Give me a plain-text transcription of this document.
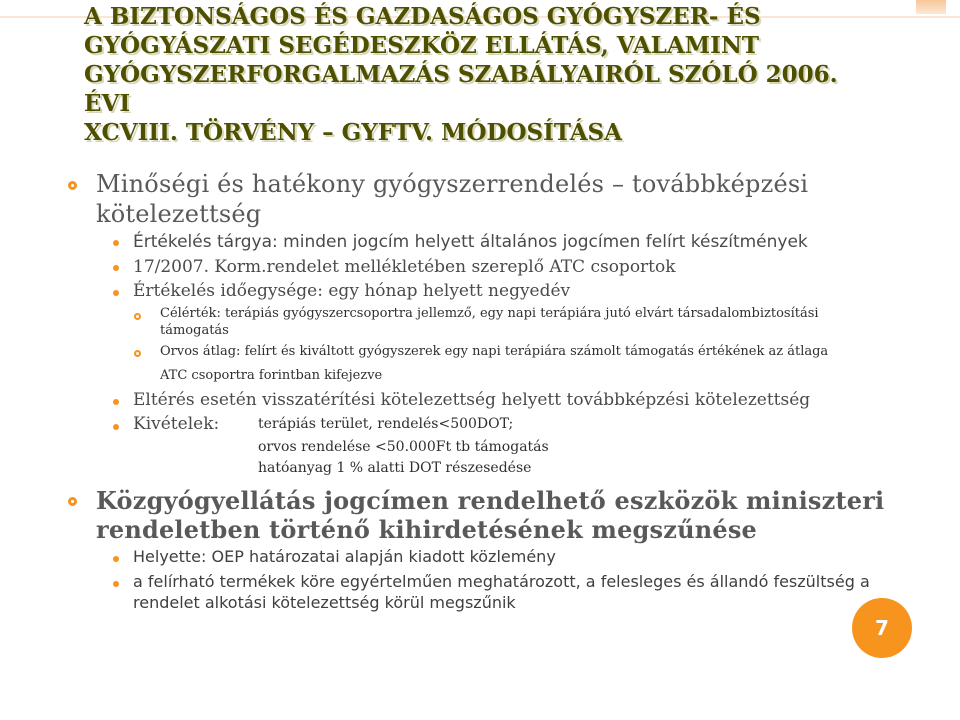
A BIZTONSÁGOS ÉS GAZDASÁGOS GYÓGYSZER- ÉS
GYÓGYÁSZATI SEGÉDESZKÖZ ELLÁTÁS, VALAMINT
GYÓGYSZERFORGALMAZÁS SZABÁLYAIRÓL SZÓLÓ 2006. ÉVI
XCVIII. TÖRVÉNY – GYFTV. MÓDOSÍTÁSA
Minőségi és hatékony gyógyszerrendelés – továbbképzési
kötelezettség
Értékelés tárgya: minden jogcím helyett általános jogcímen felírt készítmények
17/2007. Korm.rendelet mellékletében szereplő ATC csoportok
Értékelés időegysége: egy hónap helyett negyedév
Célérték: terápiás gyógyszercsoportra jellemző, egy napi terápiára jutó elvárt társadalombiztosítási
támogatás
Orvos átlag: felírt és kiváltott gyógyszerek egy napi terápiára számolt támogatás értékének az átlaga
ATC csoportra forintban kifejezve
Eltérés esetén visszatérítési kötelezettség helyett továbbképzési kötelezettség
Kivételek:	terápiás terület, rendelés<500DOT;
orvos rendelése <50.000Ft tb támogatás
hatóanyag 1 % alatti DOT részesedése
Közgyógyellátás jogcímen rendelhető eszközök miniszteri
rendeletben történő kihirdetésének megszűnése
Helyette: OEP határozatai alapján kiadott közlemény
a felírható termékek köre egyértelműen meghatározott, a felesleges és állandó feszültség a
rendelet alkotási kötelezettség körül megszűnik
7
